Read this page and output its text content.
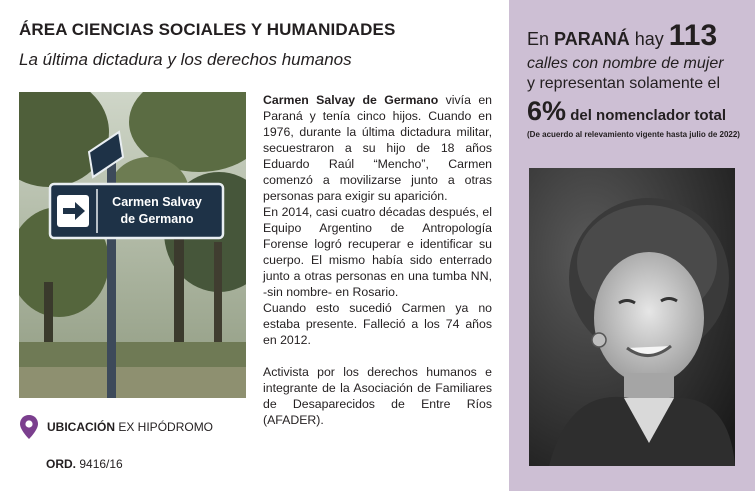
ÁREA CIENCIAS SOCIALES Y HUMANIDADES
La última dictadura y los derechos humanos
Carmen Salvay
de Germano

Carmen Salvay de Germano vivía en Paraná y tenía cinco hijos. Cuando en 1976, durante la última dictadura militar, secuestraron a su hijo de 18 años Eduardo Raúl “Mencho”, Carmen comenzó a movilizarse junto a otras personas para exigir su aparición.

En 2014, casi cuatro décadas después, el Equipo Argentino de Antropología Forense logró recuperar e identificar su cuerpo. El mismo había sido enterrado junto a otras personas en una tumba NN, -sin nombre- en Rosario.

Cuando esto sucedió Carmen ya no estaba presente. Falleció a los 74 años en 2012.

Activista por los derechos humanos e integrante de la Asociación de Familiares de Desaparecidos de Entre Ríos (AFADER).

UBICACIÓN EX HIPÓDROMO
ORD. 9416/16
En PARANÁ hay 113
calles con nombre de mujer
y representan solamente el
6% del nomenclador total
(De acuerdo al relevamiento vigente hasta julio de 2022)
